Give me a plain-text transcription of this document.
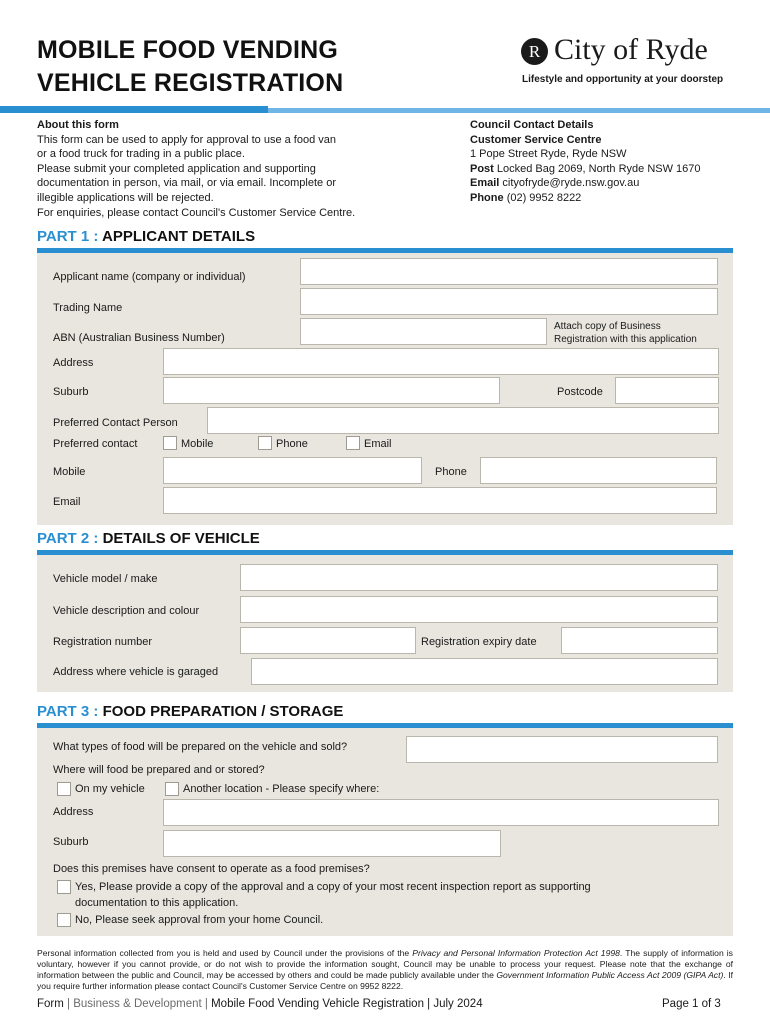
MOBILE FOOD VENDING
VEHICLE REGISTRATION
R City of Ryde
Lifestyle and opportunity at your doorstep
About this form
This form can be used to apply for approval to use a food van
or a food truck for trading in a public place.
Please submit your completed application and supporting
documentation in person, via mail, or via email. Incomplete or
illegible applications will be rejected.
For enquiries, please contact Council's Customer Service Centre.
Council Contact Details
Customer Service Centre
1 Pope Street Ryde, Ryde NSW
Post Locked Bag 2069, North Ryde NSW 1670
Email cityofryde@ryde.nsw.gov.au
Phone (02) 9952 8222
PART 1 : APPLICANT DETAILS
Applicant name (company or individual)
Trading Name
ABN (Australian Business Number)
Attach copy of Business
Registration with this application
Address
Suburb	Postcode
Preferred Contact Person
Preferred contact	Mobile	Phone	Email
Mobile	Phone
Email
PART 2 : DETAILS OF VEHICLE
Vehicle model / make
Vehicle description and colour
Registration number	Registration expiry date
Address where vehicle is garaged
PART 3 : FOOD PREPARATION / STORAGE
What types of food will be prepared on the vehicle and sold?
Where will food be prepared and or stored?
On my vehicle	Another location - Please specify where:
Address
Suburb
Does this premises have consent to operate as a food premises?
Yes, Please provide a copy of the approval and a copy of your most recent inspection report as supporting
documentation to this application.
No, Please seek approval from your home Council.
Personal information collected from you is held and used by Council under the provisions of the Privacy and Personal Information Protection Act 1998. The supply of information is voluntary, however if you cannot provide, or do not wish to provide the information sought, Council may be unable to process your request. Please note that the exchange of information between the public and Council, may be accessed by others and could be made publicly available under the Government Information Public Access Act 2009 (GIPA Act). If you require further information please contact Council's Customer Service Centre on 9952 8222.
Form | Business & Development | Mobile Food Vending Vehicle Registration | July 2024	Page 1 of 3
